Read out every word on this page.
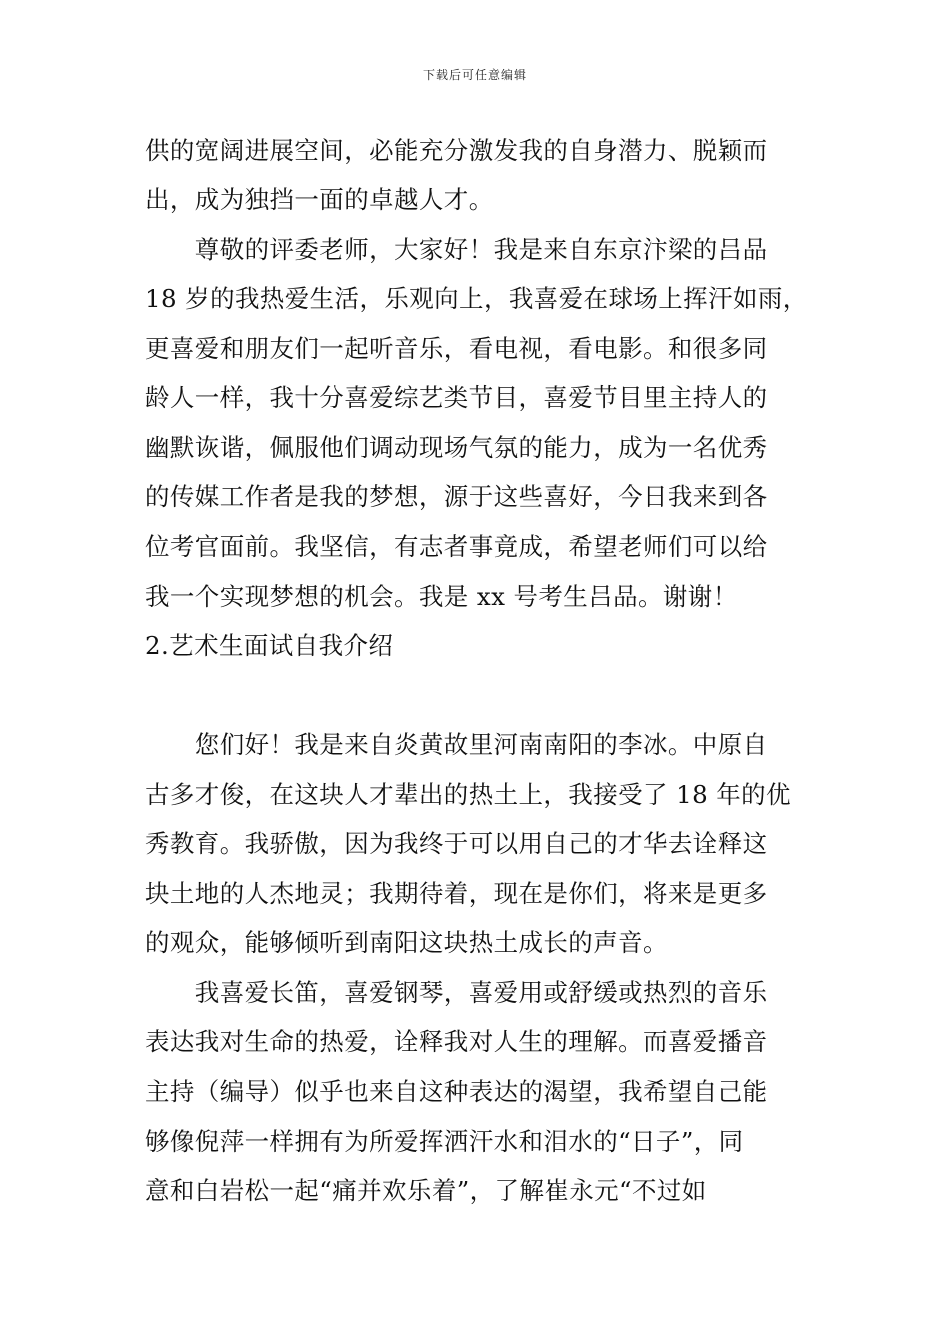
下载后可任意编辑
供的宽阔进展空间，必能充分激发我的自身潜力、脱颖而
出，成为独挡一面的卓越人才。
　　尊敬的评委老师，大家好！我是来自东京汴梁的吕品
18 岁的我热爱生活，乐观向上，我喜爱在球场上挥汗如雨，
更喜爱和朋友们一起听音乐，看电视，看电影。和很多同
龄人一样，我十分喜爱综艺类节目，喜爱节目里主持人的
幽默诙谐，佩服他们调动现场气氛的能力，成为一名优秀
的传媒工作者是我的梦想，源于这些喜好，今日我来到各
位考官面前。我坚信，有志者事竟成，希望老师们可以给
我一个实现梦想的机会。我是 xx 号考生吕品。谢谢！
2.艺术生面试自我介绍
　　您们好！我是来自炎黄故里河南南阳的李冰。中原自
古多才俊，在这块人才辈出的热土上，我接受了 18 年的优
秀教育。我骄傲，因为我终于可以用自己的才华去诠释这
块土地的人杰地灵；我期待着，现在是你们，将来是更多
的观众，能够倾听到南阳这块热土成长的声音。
　　我喜爱长笛，喜爱钢琴，喜爱用或舒缓或热烈的音乐
表达我对生命的热爱，诠释我对人生的理解。而喜爱播音
主持（编导）似乎也来自这种表达的渴望，我希望自己能
够像倪萍一样拥有为所爱挥洒汗水和泪水的“日子”，同
意和白岩松一起“痛并欢乐着”，了解崔永元“不过如
